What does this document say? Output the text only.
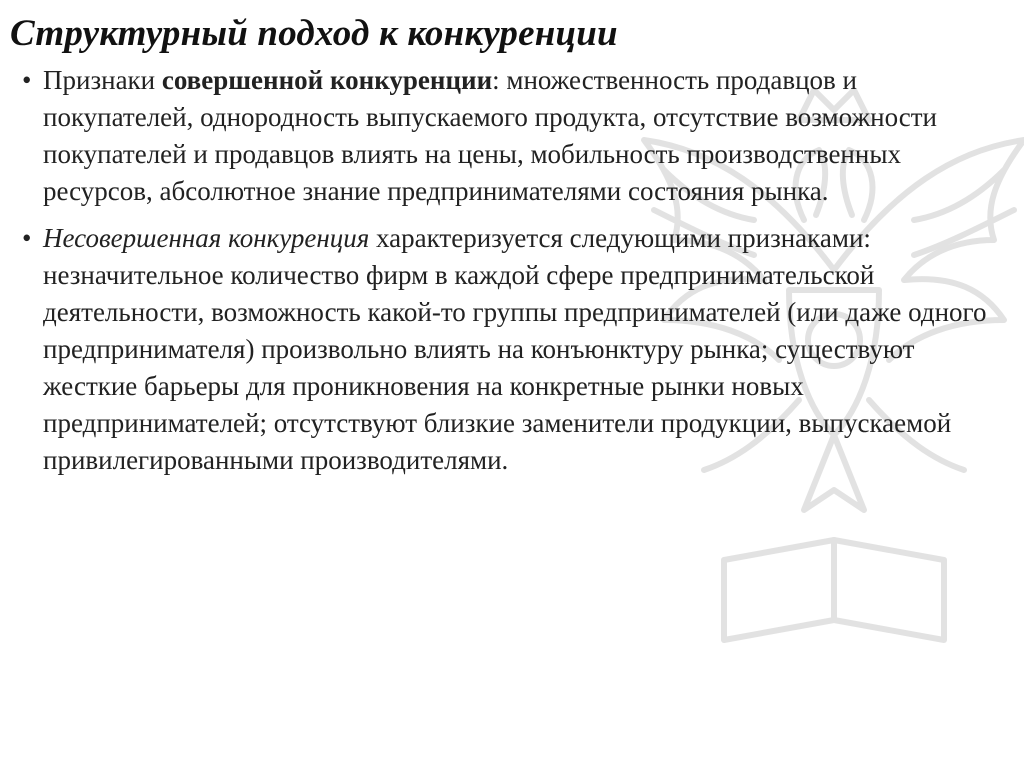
Структурный подход к конкуренции
• Признаки совершенной конкуренции: множественность продавцов и покупателей, однородность выпускаемого продукта, отсутствие возможности покупателей и продавцов влиять на цены, мобильность производственных ресурсов, абсолютное знание предпринимателями состояния рынка.
• Несовершенная конкуренция характеризуется следующими признаками: незначительное количество фирм в каждой сфере предпринимательской деятельности, возможность какой-то группы предпринимателей (или даже одного предпринимателя) произвольно влиять на конъюнктуру рынка; существуют жесткие барьеры для проникновения на конкретные рынки новых предпринимателей; отсутствуют близкие заменители продукции, выпускаемой привилегированными производителями.
